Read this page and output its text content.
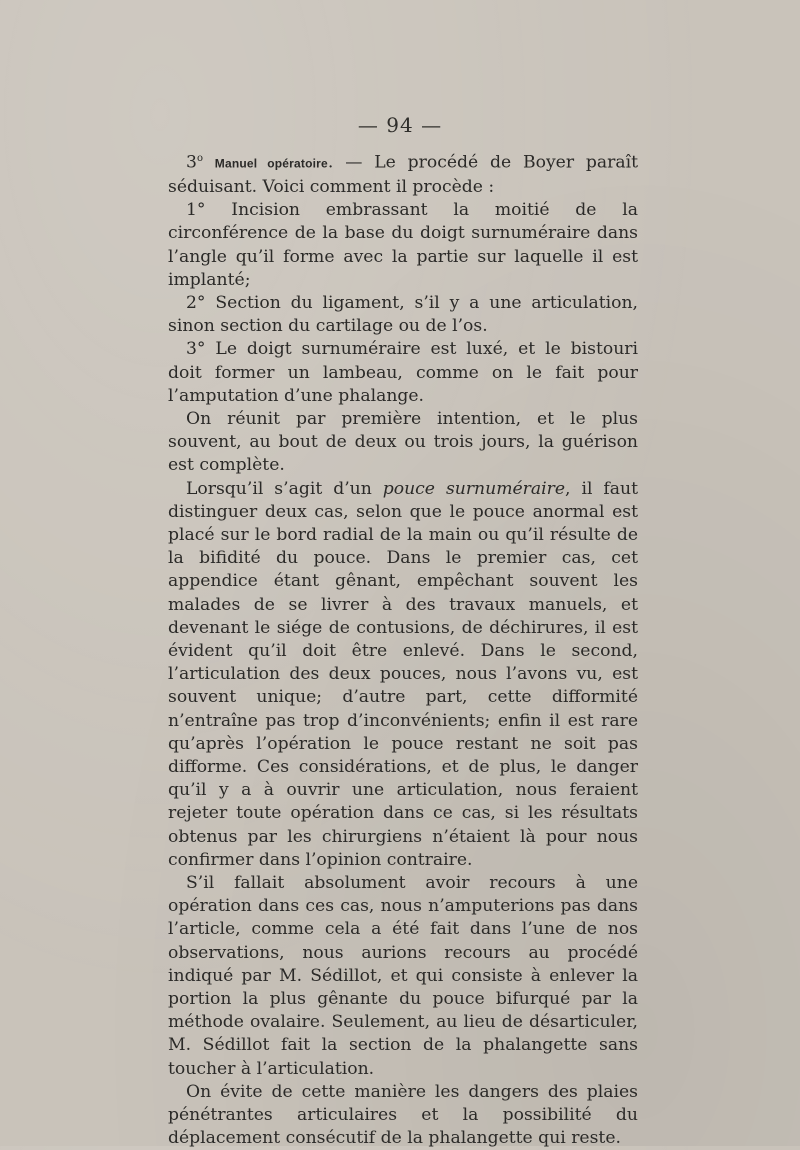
— 94 —

3$^o$ Manuel opératoire. — Le procédé de Boyer paraît séduisant. Voici comment il procède :

1° Incision embrassant la moitié de la circonférence de la base du doigt surnuméraire dans l’angle qu’il forme avec la partie sur laquelle il est implanté;

2° Section du ligament, s’il y a une articulation, sinon section du cartilage ou de l’os.

3° Le doigt surnuméraire est luxé, et le bistouri doit former un lambeau, comme on le fait pour l’amputation d’une phalange.

On réunit par première intention, et le plus souvent, au bout de deux ou trois jours, la guérison est complète.

Lorsqu’il s’agit d’un pouce surnuméraire, il faut distinguer deux cas, selon que le pouce anormal est placé sur le bord radial de la main ou qu’il résulte de la bifidité du pouce. Dans le premier cas, cet appendice étant gênant, empêchant souvent les malades de se livrer à des travaux manuels, et devenant le siége de contusions, de déchirures, il est évident qu’il doit être enlevé. Dans le second, l’articulation des deux pouces, nous l’avons vu, est souvent unique; d’autre part, cette difformité n’entraîne pas trop d’inconvénients; enfin il est rare qu’après l’opération le pouce restant ne soit pas difforme. Ces considérations, et de plus, le danger qu’il y a à ouvrir une articulation, nous feraient rejeter toute opération dans ce cas, si les résultats obtenus par les chirurgiens n’étaient là pour nous confirmer dans l’opinion contraire.

S’il fallait absolument avoir recours à une opération dans ces cas, nous n’amputerions pas dans l’article, comme cela a été fait dans l’une de nos observations, nous aurions recours au procédé indiqué par M. Sédillot, et qui consiste à enlever la portion la plus gênante du pouce bifurqué par la méthode ovalaire. Seulement, au lieu de désarticuler, M. Sédillot fait la section de la phalangette sans toucher à l’articulation.

On évite de cette manière les dangers des plaies pénétrantes articulaires et la possibilité du déplacement consécutif de la phalangette qui reste.
